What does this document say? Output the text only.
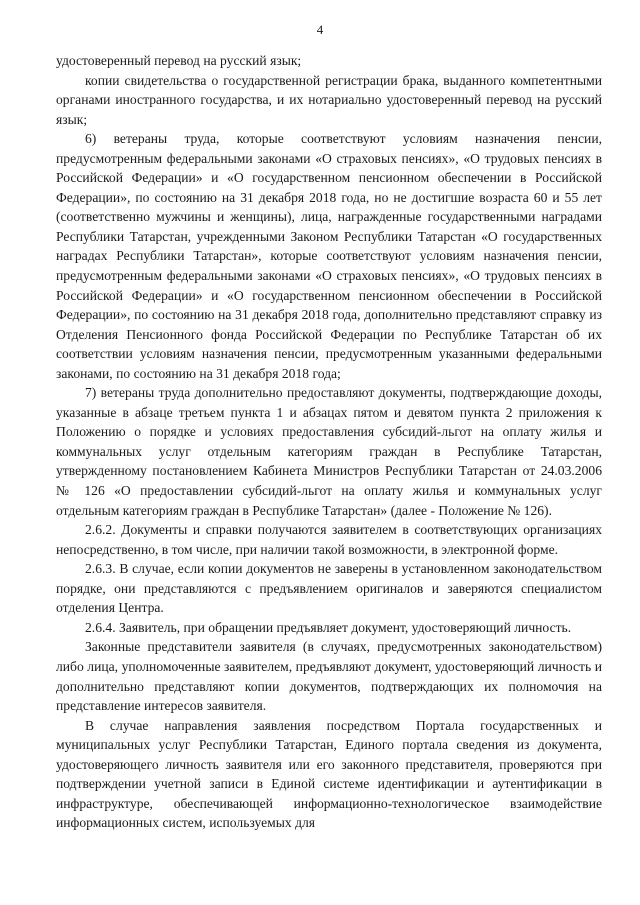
4

удостоверенный перевод на русский язык;

копии свидетельства о государственной регистрации брака, выданного компетентными органами иностранного государства, и их нотариально удостоверенный перевод на русский язык;

6) ветераны труда, которые соответствуют условиям назначения пенсии, предусмотренным федеральными законами «О страховых пенсиях», «О трудовых пенсиях в Российской Федерации» и «О государственном пенсионном обеспечении в Российской Федерации», по состоянию на 31 декабря 2018 года, но не достигшие возраста 60 и 55 лет (соответственно мужчины и женщины), лица, награжденные государственными наградами Республики Татарстан, учрежденными Законом Республики Татарстан «О государственных наградах Республики Татарстан», которые соответствуют условиям назначения пенсии, предусмотренным федеральными законами «О страховых пенсиях», «О трудовых пенсиях в Российской Федерации» и «О государственном пенсионном обеспечении в Российской Федерации», по состоянию на 31 декабря 2018 года, дополнительно представляют справку из Отделения Пенсионного фонда Российской Федерации по Республике Татарстан об их соответствии условиям назначения пенсии, предусмотренным указанными федеральными законами, по состоянию на 31 декабря 2018 года;

7) ветераны труда дополнительно предоставляют документы, подтверждающие доходы, указанные в абзаце третьем пункта 1 и абзацах пятом и девятом пункта 2 приложения к Положению о порядке и условиях предоставления субсидий-льгот на оплату жилья и коммунальных услуг отдельным категориям граждан в Республике Татарстан, утвержденному постановлением Кабинета Министров Республики Татарстан от 24.03.2006 № 126 «О предоставлении субсидий-льгот на оплату жилья и коммунальных услуг отдельным категориям граждан в Республике Татарстан» (далее - Положение № 126).

2.6.2. Документы и справки получаются заявителем в соответствующих организациях непосредственно, в том числе, при наличии такой возможности, в электронной форме.

2.6.3. В случае, если копии документов не заверены в установленном законодательством порядке, они представляются с предъявлением оригиналов и заверяются специалистом отделения Центра.

2.6.4. Заявитель, при обращении предъявляет документ, удостоверяющий личность.

Законные представители заявителя (в случаях, предусмотренных законодательством) либо лица, уполномоченные заявителем, предъявляют документ, удостоверяющий личность и дополнительно представляют копии документов, подтверждающих их полномочия на представление интересов заявителя.

В случае направления заявления посредством Портала государственных и муниципальных услуг Республики Татарстан, Единого портала сведения из документа, удостоверяющего личность заявителя или его законного представителя, проверяются при подтверждении учетной записи в Единой системе идентификации и аутентификации в инфраструктуре, обеспечивающей информационно-технологическое взаимодействие информационных систем, используемых для
